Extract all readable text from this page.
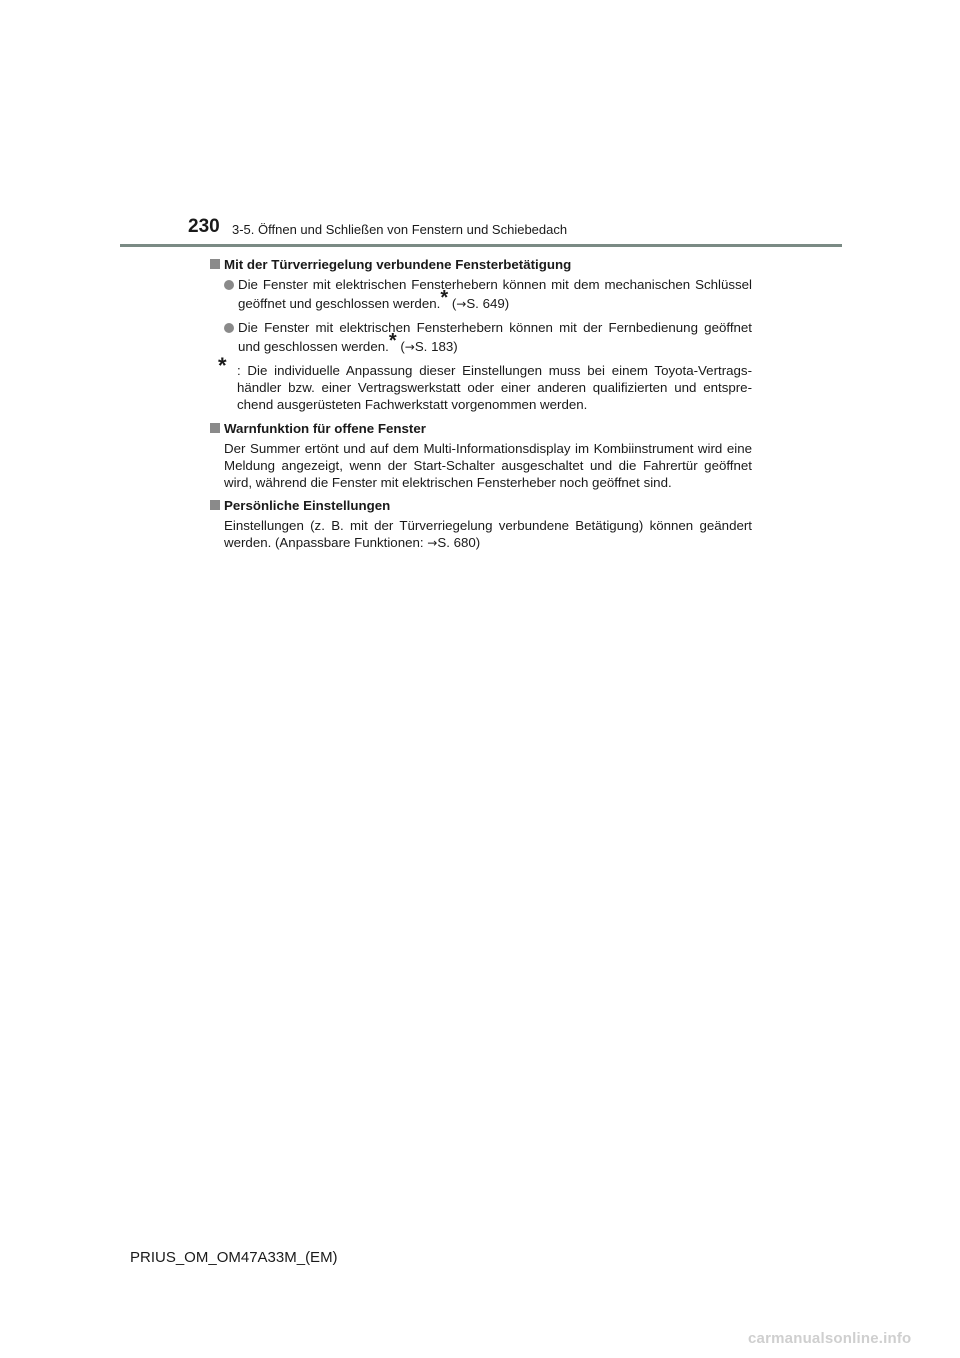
230 3-5. Öffnen und Schließen von Fenstern und Schiebedach
Mit der Türverriegelung verbundene Fensterbetätigung
Die Fenster mit elektrischen Fensterhebern können mit dem mechanischen Schlüssel geöffnet und geschlossen werden.* (→S. 649)
Die Fenster mit elektrischen Fensterhebern können mit der Fernbedienung geöffnet und geschlossen werden.* (→S. 183)
* : Die individuelle Anpassung dieser Einstellungen muss bei einem Toyota-Vertragshändler bzw. einer Vertragswerkstatt oder einer anderen qualifizierten und entsprechend ausgerüsteten Fachwerkstatt vorgenommen werden.
Warnfunktion für offene Fenster
Der Summer ertönt und auf dem Multi-Informationsdisplay im Kombiinstrument wird eine Meldung angezeigt, wenn der Start-Schalter ausgeschaltet und die Fahrertür geöffnet wird, während die Fenster mit elektrischen Fensterheber noch geöffnet sind.
Persönliche Einstellungen
Einstellungen (z. B. mit der Türverriegelung verbundene Betätigung) können geändert werden. (Anpassbare Funktionen: →S. 680)
PRIUS_OM_OM47A33M_(EM)
carmanualsonline.info
